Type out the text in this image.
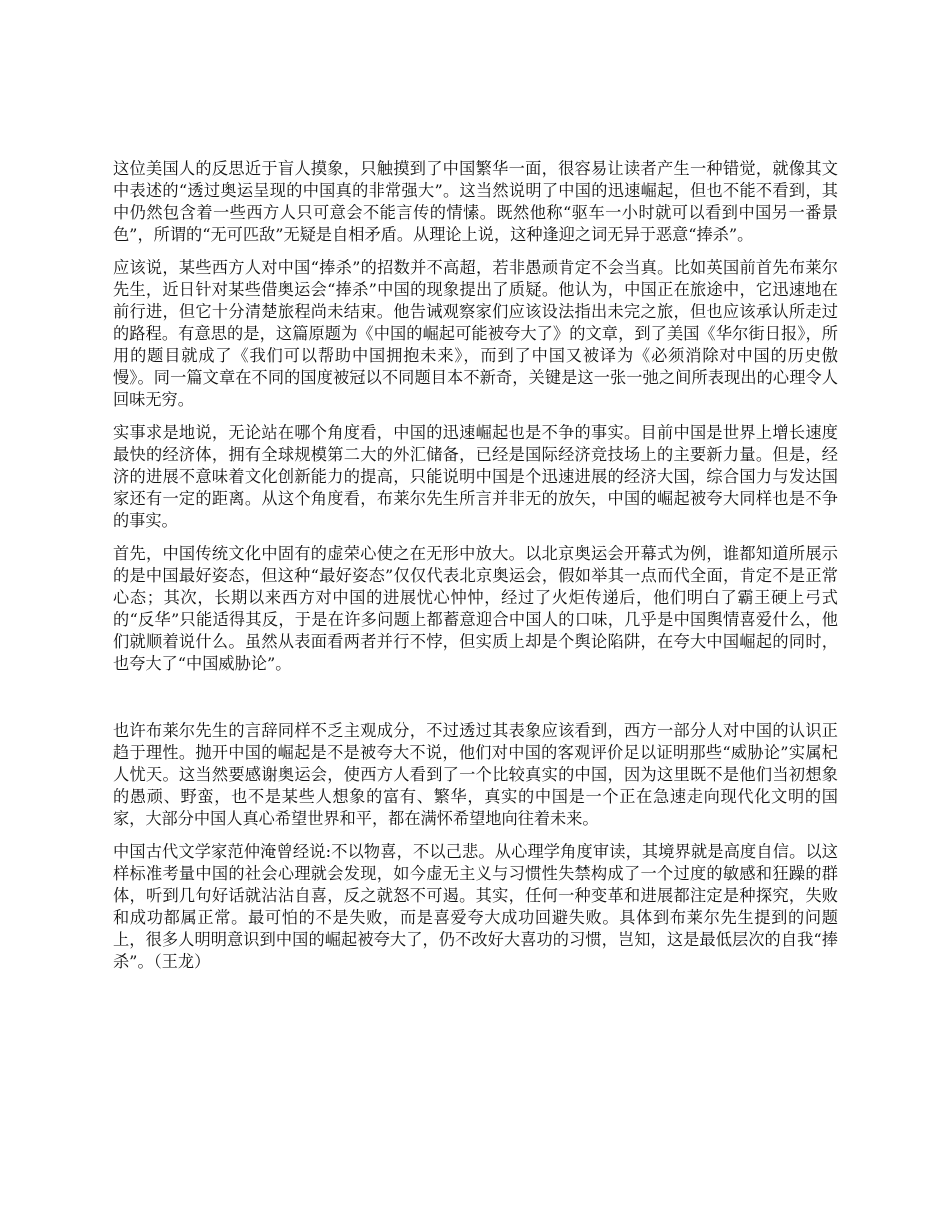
这位美国人的反思近于盲人摸象，只触摸到了中国繁华一面，很容易让读者产生一种错觉，就像其文中表述的“透过奥运呈现的中国真的非常强大”。这当然说明了中国的迅速崛起，但也不能不看到，其中仍然包含着一些西方人只可意会不能言传的情愫。既然他称“驱车一小时就可以看到中国另一番景色”，所谓的“无可匹敌”无疑是自相矛盾。从理论上说，这种逢迎之词无异于恶意“捧杀”。

应该说，某些西方人对中国“捧杀”的招数并不高超，若非愚顽肯定不会当真。比如英国前首先布莱尔先生，近日针对某些借奥运会“捧杀”中国的现象提出了质疑。他认为，中国正在旅途中，它迅速地在前行进，但它十分清楚旅程尚未结束。他告诫观察家们应该设法指出未完之旅，但也应该承认所走过的路程。有意思的是，这篇原题为《中国的崛起可能被夸大了》的文章，到了美国《华尔街日报》，所用的题目就成了《我们可以帮助中国拥抱未来》，而到了中国又被译为《必须消除对中国的历史傲慢》。同一篇文章在不同的国度被冠以不同题目本不新奇，关键是这一张一弛之间所表现出的心理令人回味无穷。

实事求是地说，无论站在哪个角度看，中国的迅速崛起也是不争的事实。目前中国是世界上增长速度最快的经济体，拥有全球规模第二大的外汇储备，已经是国际经济竞技场上的主要新力量。但是，经济的进展不意味着文化创新能力的提高，只能说明中国是个迅速进展的经济大国，综合国力与发达国家还有一定的距离。从这个角度看，布莱尔先生所言并非无的放矢，中国的崛起被夸大同样也是不争的事实。

首先，中国传统文化中固有的虚荣心使之在无形中放大。以北京奥运会开幕式为例，谁都知道所展示的是中国最好姿态，但这种“最好姿态”仅仅代表北京奥运会，假如举其一点而代全面，肯定不是正常心态；其次，长期以来西方对中国的进展忧心忡忡，经过了火炬传递后，他们明白了霸王硬上弓式的“反华”只能适得其反，于是在许多问题上都蓄意迎合中国人的口味，几乎是中国舆情喜爱什么，他们就顺着说什么。虽然从表面看两者并行不悖，但实质上却是个舆论陷阱，在夸大中国崛起的同时，也夸大了“中国威胁论”。

也许布莱尔先生的言辞同样不乏主观成分，不过透过其表象应该看到，西方一部分人对中国的认识正趋于理性。抛开中国的崛起是不是被夸大不说，他们对中国的客观评价足以证明那些“威胁论”实属杞人忧天。这当然要感谢奥运会，使西方人看到了一个比较真实的中国，因为这里既不是他们当初想象的愚顽、野蛮，也不是某些人想象的富有、繁华，真实的中国是一个正在急速走向现代化文明的国家，大部分中国人真心希望世界和平，都在满怀希望地向往着未来。

中国古代文学家范仲淹曾经说:不以物喜，不以己悲。从心理学角度审读，其境界就是高度自信。以这样标准考量中国的社会心理就会发现，如今虚无主义与习惯性失禁构成了一个过度的敏感和狂躁的群体，听到几句好话就沾沾自喜，反之就怒不可遏。其实，任何一种变革和进展都注定是种探究，失败和成功都属正常。最可怕的不是失败，而是喜爱夸大成功回避失败。具体到布莱尔先生提到的问题上，很多人明明意识到中国的崛起被夸大了，仍不改好大喜功的习惯，岂知，这是最低层次的自我“捧杀”。（王龙）
